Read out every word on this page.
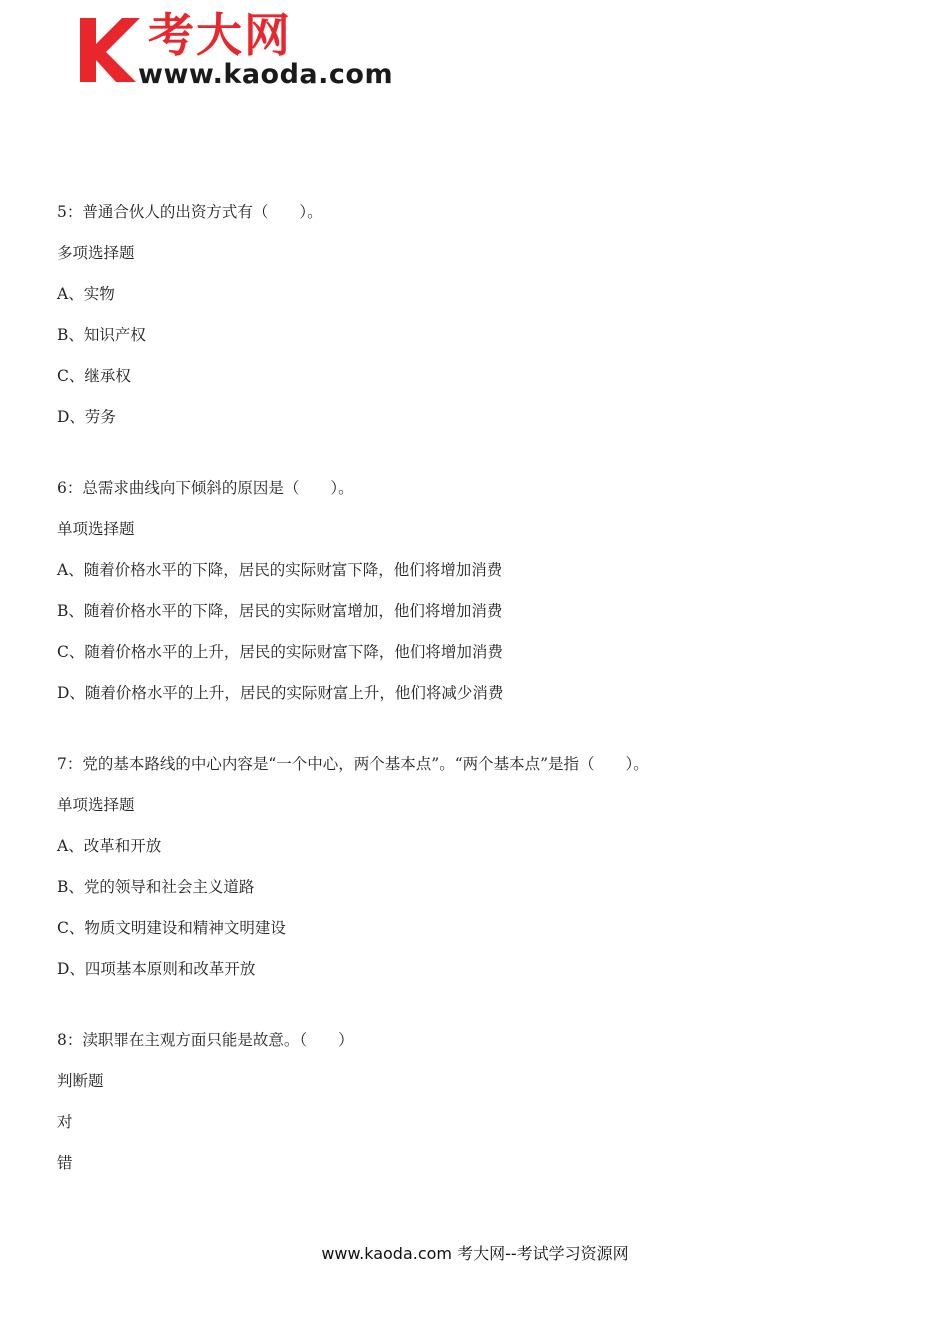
考大网
www.kaoda.com
5：普通合伙人的出资方式有（　　）。
多项选择题
A、实物
B、知识产权
C、继承权
D、劳务
6：总需求曲线向下倾斜的原因是（　　）。
单项选择题
A、随着价格水平的下降，居民的实际财富下降，他们将增加消费
B、随着价格水平的下降，居民的实际财富增加，他们将增加消费
C、随着价格水平的上升，居民的实际财富下降，他们将增加消费
D、随着价格水平的上升，居民的实际财富上升，他们将减少消费
7：党的基本路线的中心内容是“一个中心，两个基本点”。“两个基本点”是指（　　）。
单项选择题
A、改革和开放
B、党的领导和社会主义道路
C、物质文明建设和精神文明建设
D、四项基本原则和改革开放
8：渎职罪在主观方面只能是故意。（　　）
判断题
对
错
www.kaoda.com 考大网--考试学习资源网
